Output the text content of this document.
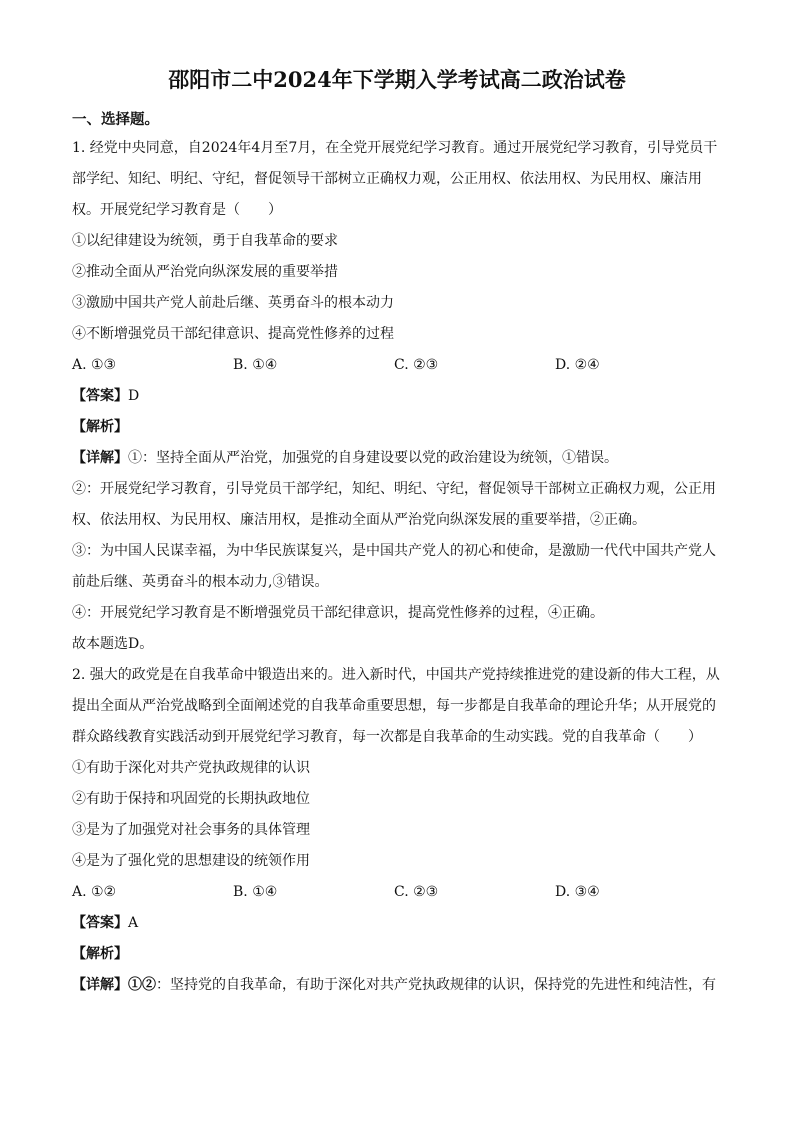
邵阳市二中2024年下学期入学考试高二政治试卷
一、选择题。

1. 经党中央同意，自2024年4月至7月，在全党开展党纪学习教育。通过开展党纪学习教育，引导党员干部学纪、知纪、明纪、守纪，督促领导干部树立正确权力观，公正用权、依法用权、为民用权、廉洁用权。开展党纪学习教育是（　　）

①以纪律建设为统领，勇于自我革命的要求

②推动全面从严治党向纵深发展的重要举措

③激励中国共产党人前赴后继、英勇奋斗的根本动力

④不断增强党员干部纪律意识、提高党性修养的过程

A. ①③	B. ①④	C. ②③	D. ②④

【答案】D

【解析】

【详解】①：坚持全面从严治党，加强党的自身建设要以党的政治建设为统领，①错误。

②：开展党纪学习教育，引导党员干部学纪，知纪、明纪、守纪，督促领导干部树立正确权力观，公正用权、依法用权、为民用权、廉洁用权，是推动全面从严治党向纵深发展的重要举措，②正确。

③：为中国人民谋幸福，为中华民族谋复兴，是中国共产党人的初心和使命，是激励一代代中国共产党人前赴后继、英勇奋斗的根本动力,③错误。

④：开展党纪学习教育是不断增强党员干部纪律意识，提高党性修养的过程，④正确。

故本题选D。

2. 强大的政党是在自我革命中锻造出来的。进入新时代，中国共产党持续推进党的建设新的伟大工程，从提出全面从严治党战略到全面阐述党的自我革命重要思想，每一步都是自我革命的理论升华；从开展党的群众路线教育实践活动到开展党纪学习教育，每一次都是自我革命的生动实践。党的自我革命（　　）

①有助于深化对共产党执政规律的认识

②有助于保持和巩固党的长期执政地位

③是为了加强党对社会事务的具体管理

④是为了强化党的思想建设的统领作用

A. ①②	B. ①④	C. ②③	D. ③④

【答案】A

【解析】

【详解】①②：坚持党的自我革命，有助于深化对共产党执政规律的认识，保持党的先进性和纯洁性，有
